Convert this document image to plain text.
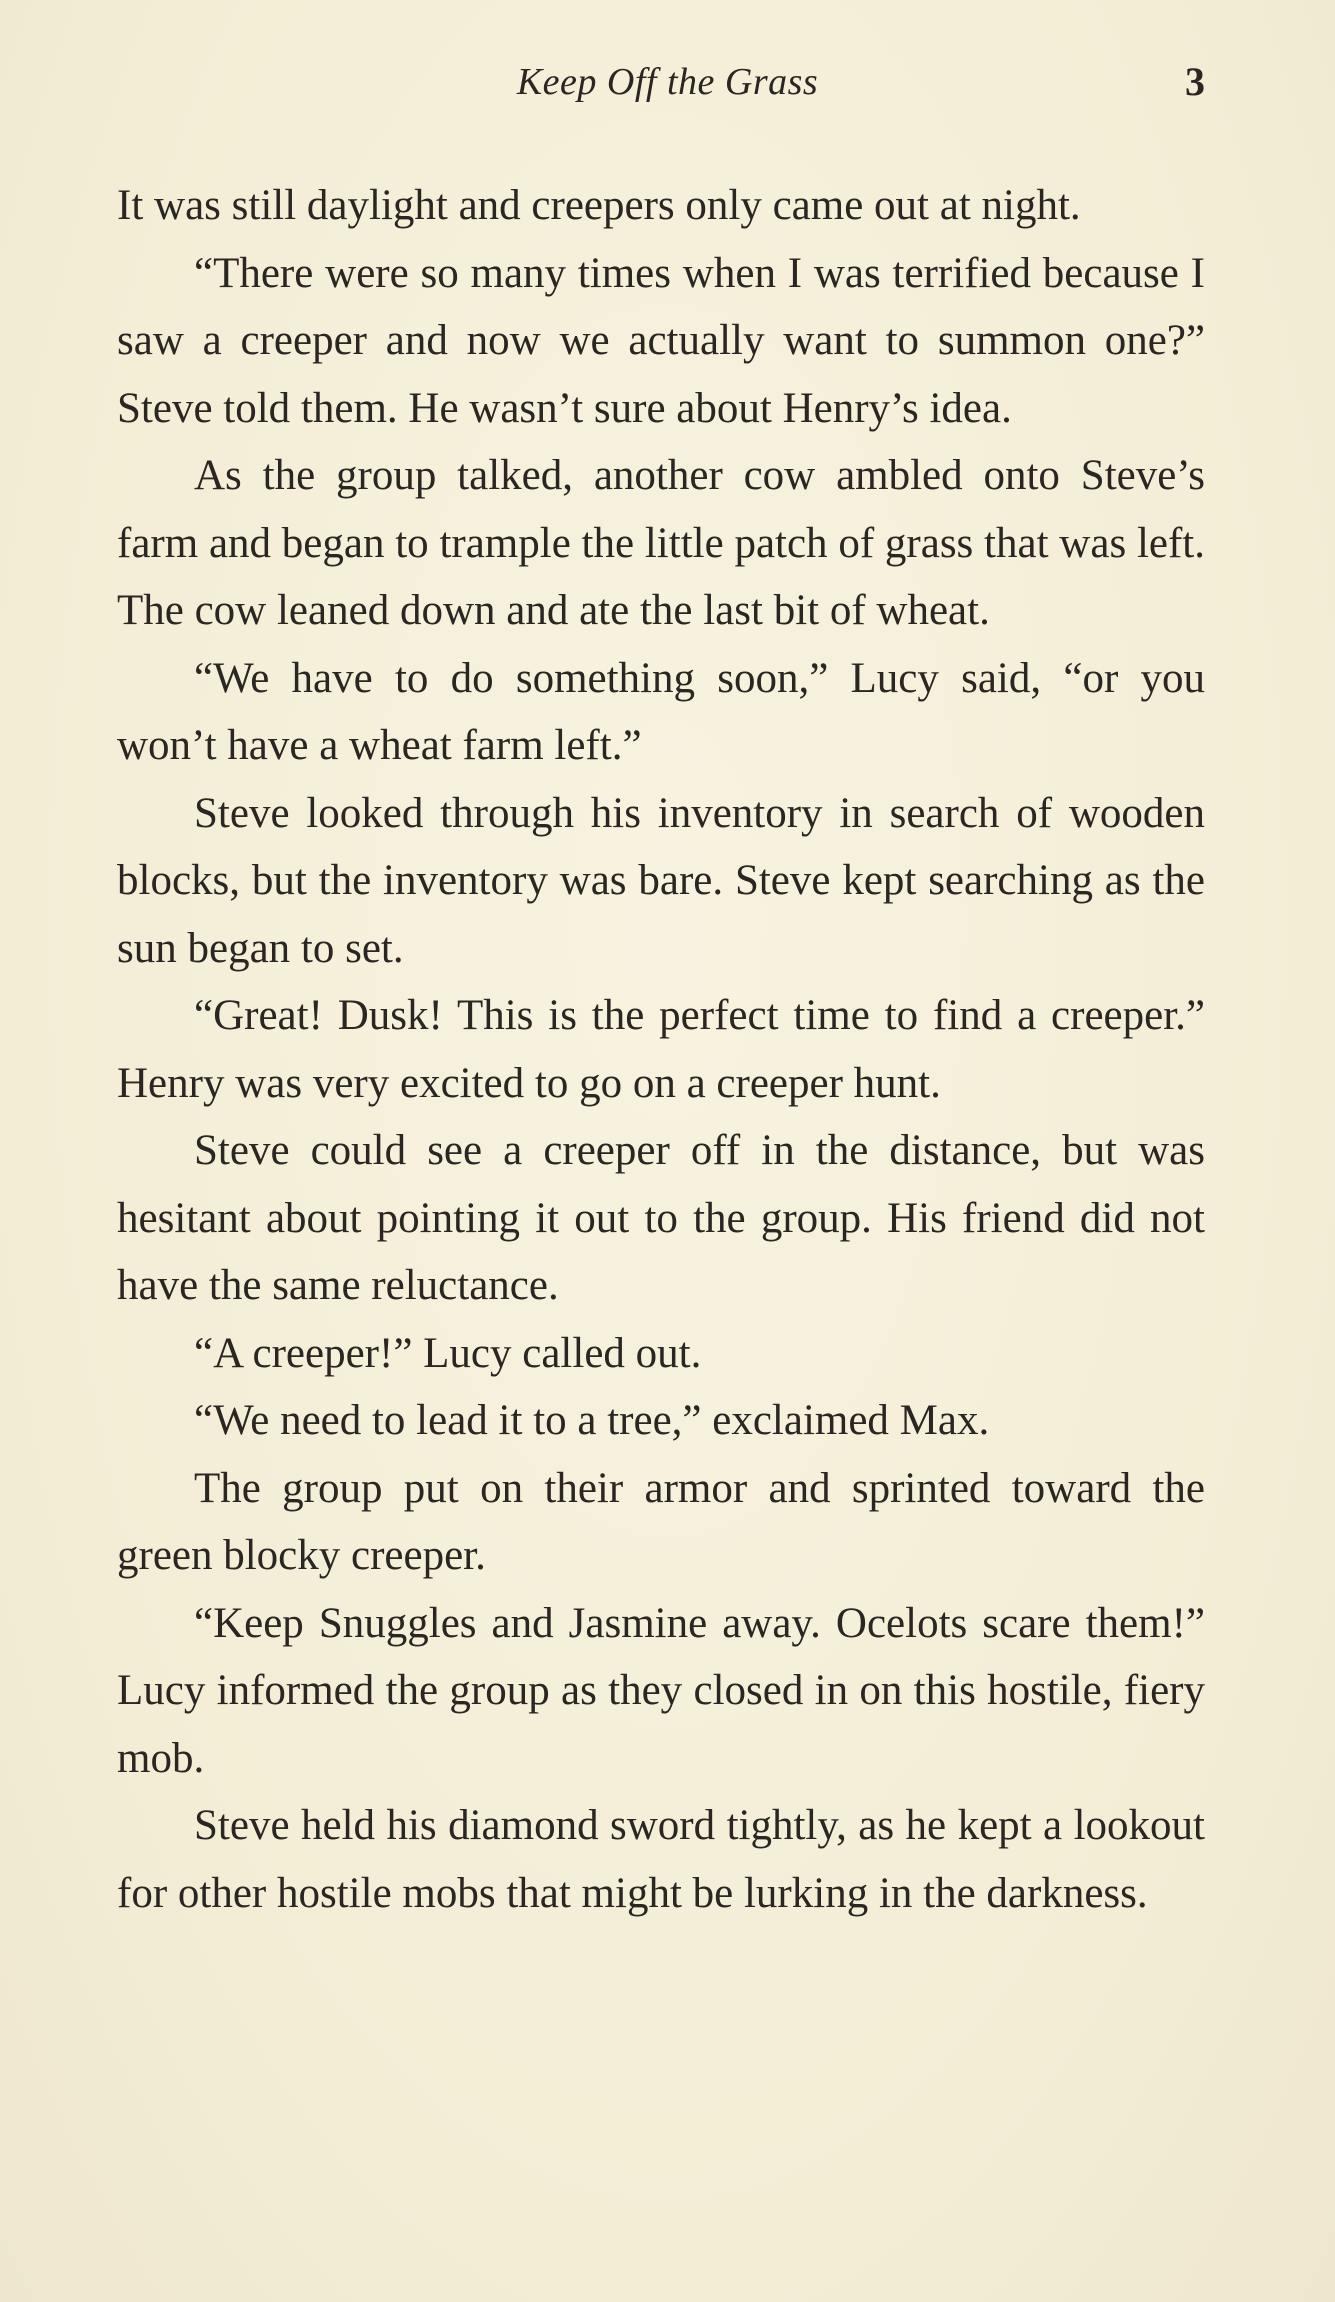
Keep Off the Grass	3

It was still daylight and creepers only came out at night.

“There were so many times when I was terrified because I saw a creeper and now we actually want to summon one?” Steve told them. He wasn’t sure about Henry’s idea.

As the group talked, another cow ambled onto Steve’s farm and began to trample the little patch of grass that was left. The cow leaned down and ate the last bit of wheat.

“We have to do something soon,” Lucy said, “or you won’t have a wheat farm left.”

Steve looked through his inventory in search of wooden blocks, but the inventory was bare. Steve kept searching as the sun began to set.

“Great! Dusk! This is the perfect time to find a creeper.” Henry was very excited to go on a creeper hunt.

Steve could see a creeper off in the distance, but was hesitant about pointing it out to the group. His friend did not have the same reluctance.

“A creeper!” Lucy called out.

“We need to lead it to a tree,” exclaimed Max.

The group put on their armor and sprinted toward the green blocky creeper.

“Keep Snuggles and Jasmine away. Ocelots scare them!” Lucy informed the group as they closed in on this hostile, fiery mob.

Steve held his diamond sword tightly, as he kept a lookout for other hostile mobs that might be lurking in the darkness.
